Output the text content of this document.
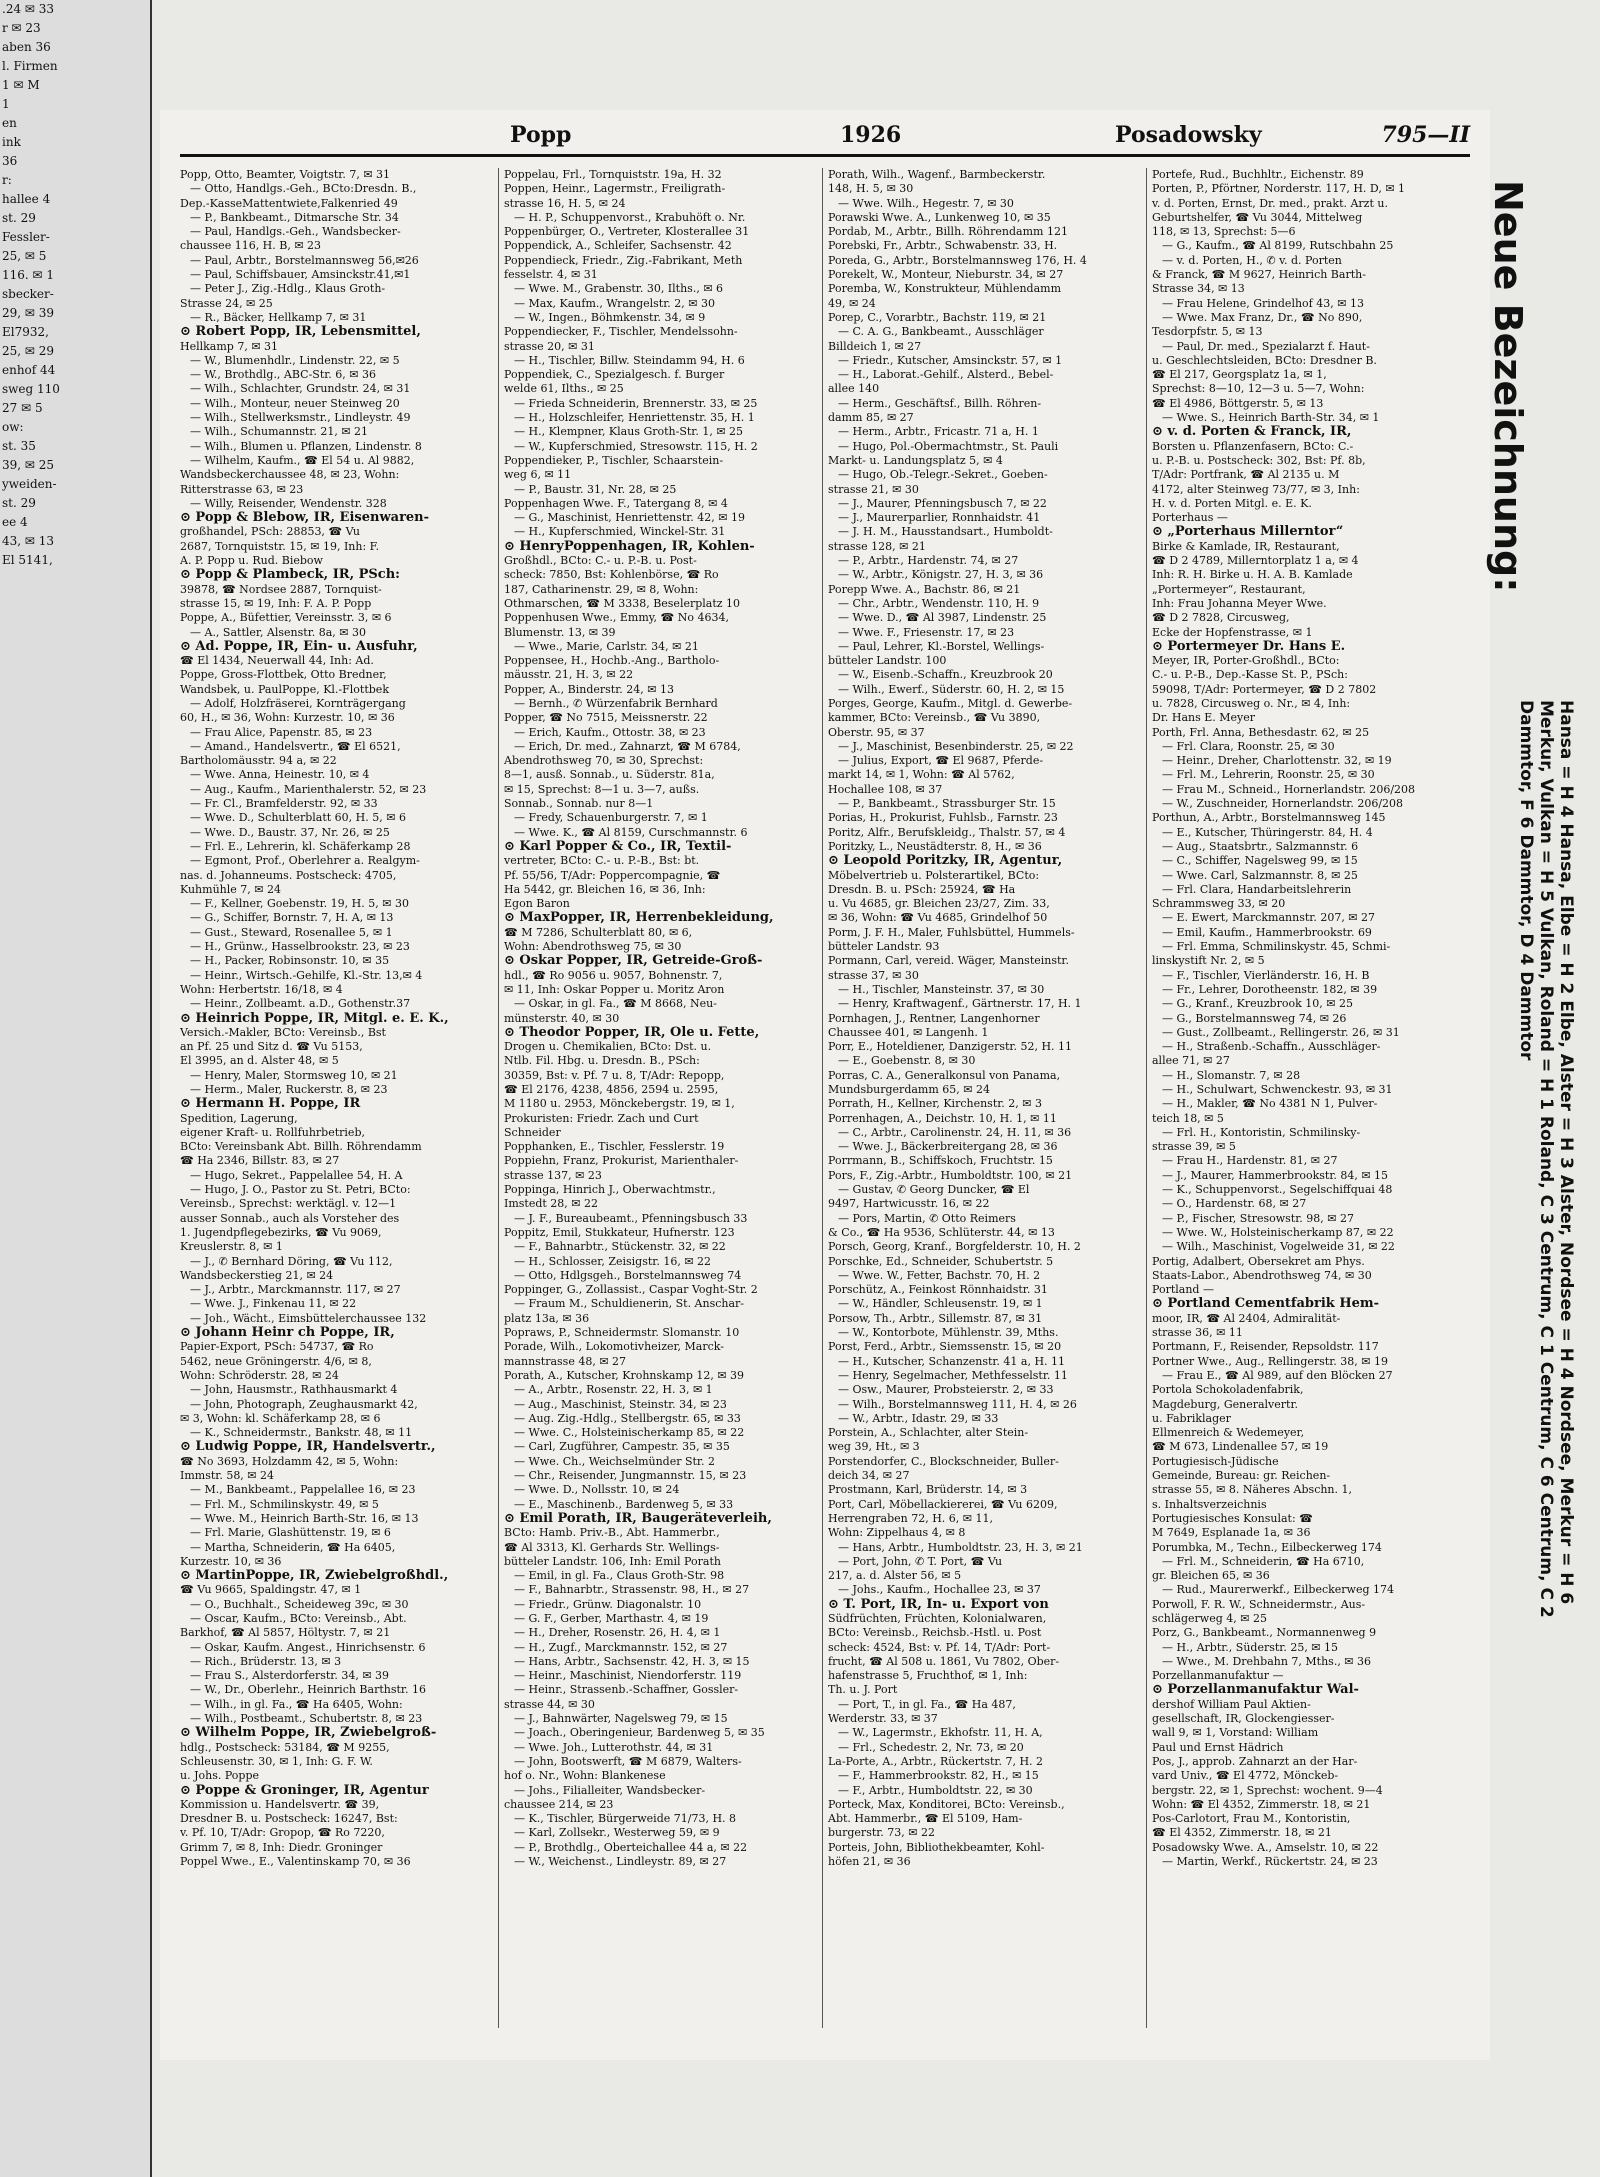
.24 ✉ 33
r ✉ 23
aben 36
l. Firmen
1 ✉ M
1
en
ink
36
r:
hallee 4
st. 29
Fessler-
25, ✉ 5
116. ✉ 1
sbecker-
29, ✉ 39
El7932,
25, ✉ 29
enhof 44
sweg 110
27 ✉ 5
ow:
st. 35
39, ✉ 25
yweiden-
st. 29
ee 4
43, ✉ 13
El 5141,
Popp	1926	Posadowsky	795—II

Popp, Otto, Beamter, Voigtstr. 7, ✉ 31

— Otto, Handlgs.-Geh., BCto:Dresdn. B.,

Dep.-KasseMattentwiete,Falkenried 49

— P., Bankbeamt., Ditmarsche Str. 34

— Paul, Handlgs.-Geh., Wandsbecker-

chaussee 116, H. B, ✉ 23

— Paul, Arbtr., Borstelmannsweg 56,✉26

— Paul, Schiffsbauer, Amsinckstr.41,✉1

— Peter J., Zig.-Hdlg., Klaus Groth-

Strasse 24, ✉ 25

— R., Bäcker, Hellkamp 7, ✉ 31

⊙ Robert Popp, IR, Lebensmittel,

Hellkamp 7, ✉ 31

— W., Blumenhdlr., Lindenstr. 22, ✉ 5

— W., Brothdlg., ABC-Str. 6, ✉ 36

— Wilh., Schlachter, Grundstr. 24, ✉ 31

— Wilh., Monteur, neuer Steinweg 20

— Wilh., Stellwerksmstr., Lindleystr. 49

— Wilh., Schumannstr. 21, ✉ 21

— Wilh., Blumen u. Pflanzen, Lindenstr. 8

— Wilhelm, Kaufm., ☎ El 54 u. Al 9882,

Wandsbeckerchaussee 48, ✉ 23, Wohn:

Ritterstrasse 63, ✉ 23

— Willy, Reisender, Wendenstr. 328

⊙ Popp & Blebow, IR, Eisenwaren-

großhandel, PSch: 28853, ☎ Vu

2687, Tornquiststr. 15, ✉ 19, Inh: F.

A. P. Popp u. Rud. Biebow

⊙ Popp & Plambeck, IR, PSch:

39878, ☎ Nordsee 2887, Tornquist-

strasse 15, ✉ 19, Inh: F. A. P. Popp

Poppe, A., Büfettier, Vereinsstr. 3, ✉ 6

— A., Sattler, Alsenstr. 8a, ✉ 30

⊙ Ad. Poppe, IR, Ein- u. Ausfuhr,

☎ El 1434, Neuerwall 44, Inh: Ad.

Poppe, Gross-Flottbek, Otto Bredner,

Wandsbek, u. PaulPoppe, Kl.-Flottbek

— Adolf, Holzfräserei, Kornträgergang

60, H., ✉ 36, Wohn: Kurzestr. 10, ✉ 36

— Frau Alice, Papenstr. 85, ✉ 23

— Amand., Handelsvertr., ☎ El 6521,

Bartholomäusstr. 94 a, ✉ 22

— Wwe. Anna, Heinestr. 10, ✉ 4

— Aug., Kaufm., Marienthalerstr. 52, ✉ 23

— Fr. Cl., Bramfelderstr. 92, ✉ 33

— Wwe. D., Schulterblatt 60, H. 5, ✉ 6

— Wwe. D., Baustr. 37, Nr. 26, ✉ 25

— Frl. E., Lehrerin, kl. Schäferkamp 28

— Egmont, Prof., Oberlehrer a. Realgym-

nas. d. Johanneums. Postscheck: 4705,

Kuhmühle 7, ✉ 24

— F., Kellner, Goebenstr. 19, H. 5, ✉ 30

— G., Schiffer, Bornstr. 7, H. A, ✉ 13

— Gust., Steward, Rosenallee 5, ✉ 1

— H., Grünw., Hasselbrookstr. 23, ✉ 23

— H., Packer, Robinsonstr. 10, ✉ 35

— Heinr., Wirtsch.-Gehilfe, Kl.-Str. 13,✉ 4

Wohn: Herbertstr. 16/18, ✉ 4

— Heinr., Zollbeamt. a.D., Gothenstr.37

⊙ Heinrich Poppe, IR, Mitgl. e. E. K.,

Versich.-Makler, BCto: Vereinsb., Bst

an Pf. 25 und Sitz d. ☎ Vu 5153,

El 3995, an d. Alster 48, ✉ 5

— Henry, Maler, Stormsweg 10, ✉ 21

— Herm., Maler, Ruckerstr. 8, ✉ 23

⊙ Hermann H. Poppe, IR

Spedition, Lagerung,

eigener Kraft- u. Rollfuhrbetrieb,

BCto: Vereinsbank Abt. Billh. Röhrendamm

☎ Ha 2346, Billstr. 83, ✉ 27

— Hugo, Sekret., Pappelallee 54, H. A

— Hugo, J. O., Pastor zu St. Petri, BCto:

Vereinsb., Sprechst: werktägl. v. 12—1

ausser Sonnab., auch als Vorsteher des

1. Jugendpflegebezirks, ☎ Vu 9069,

Kreuslerstr. 8, ✉ 1

— J., ✆ Bernhard Döring, ☎ Vu 112,

Wandsbeckerstieg 21, ✉ 24

— J., Arbtr., Marckmannstr. 117, ✉ 27

— Wwe. J., Finkenau 11, ✉ 22

— Joh., Wächt., Eimsbüttelerchaussee 132

⊙ Johann Heinr ch Poppe, IR,

Papier-Export, PSch: 54737, ☎ Ro

5462, neue Gröningerstr. 4/6, ✉ 8,

Wohn: Schröderstr. 28, ✉ 24

— John, Hausmstr., Rathhausmarkt 4

— John, Photograph, Zeughausmarkt 42,

✉ 3, Wohn: kl. Schäferkamp 28, ✉ 6

— K., Schneidermstr., Bankstr. 48, ✉ 11

⊙ Ludwig Poppe, IR, Handelsvertr.,

☎ No 3693, Holzdamm 42, ✉ 5, Wohn:

Immstr. 58, ✉ 24

— M., Bankbeamt., Pappelallee 16, ✉ 23

— Frl. M., Schmilinskystr. 49, ✉ 5

— Wwe. M., Heinrich Barth-Str. 16, ✉ 13

— Frl. Marie, Glashüttenstr. 19, ✉ 6

— Martha, Schneiderin, ☎ Ha 6405,

Kurzestr. 10, ✉ 36

⊙ MartinPoppe, IR, Zwiebelgroßhdl.,

☎ Vu 9665, Spaldingstr. 47, ✉ 1

— O., Buchhalt., Scheideweg 39c, ✉ 30

— Oscar, Kaufm., BCto: Vereinsb., Abt.

Barkhof, ☎ Al 5857, Höltystr. 7, ✉ 21

— Oskar, Kaufm. Angest., Hinrichsenstr. 6

— Rich., Brüderstr. 13, ✉ 3

— Frau S., Alsterdorferstr. 34, ✉ 39

— W., Dr., Oberlehr., Heinrich Barthstr. 16

— Wilh., in gl. Fa., ☎ Ha 6405, Wohn:

— Wilh., Postbeamt., Schubertstr. 8, ✉ 23

⊙ Wilhelm Poppe, IR, Zwiebelgroß-

hdlg., Postscheck: 53184, ☎ M 9255,

Schleusenstr. 30, ✉ 1, Inh: G. F. W.

u. Johs. Poppe

⊙ Poppe & Groninger, IR, Agentur

Kommission u. Handelsvertr. ☎ 39,

Dresdner B. u. Postscheck: 16247, Bst:

v. Pf. 10, T/Adr: Gropop, ☎ Ro 7220,

Grimm 7, ✉ 8, Inh: Diedr. Groninger

Poppel Wwe., E., Valentinskamp 70, ✉ 36

Poppelau, Frl., Tornquiststr. 19a, H. 32

Poppen, Heinr., Lagermstr., Freiligrath-

strasse 16, H. 5, ✉ 24

— H. P., Schuppenvorst., Krabuhöft o. Nr.

Poppenbürger, O., Vertreter, Klosterallee 31

Poppendick, A., Schleifer, Sachsenstr. 42

Poppendieck, Friedr., Zig.-Fabrikant, Meth

fesselstr. 4, ✉ 31

— Wwe. M., Grabenstr. 30, Ilths., ✉ 6

— Max, Kaufm., Wrangelstr. 2, ✉ 30

— W., Ingen., Böhmkenstr. 34, ✉ 9

Poppendiecker, F., Tischler, Mendelssohn-

strasse 20, ✉ 31

— H., Tischler, Billw. Steindamm 94, H. 6

Poppendiek, C., Spezialgesch. f. Burger

welde 61, Ilths., ✉ 25

— Frieda Schneiderin, Brennerstr. 33, ✉ 25

— H., Holzschleifer, Henriettenstr. 35, H. 1

— H., Klempner, Klaus Groth-Str. 1, ✉ 25

— W., Kupferschmied, Stresowstr. 115, H. 2

Poppendieker, P., Tischler, Schaarstein-

weg 6, ✉ 11

— P., Baustr. 31, Nr. 28, ✉ 25

Poppenhagen Wwe. F., Tatergang 8, ✉ 4

— G., Maschinist, Henriettenstr. 42, ✉ 19

— H., Kupferschmied, Winckel-Str. 31

⊙ HenryPoppenhagen, IR, Kohlen-

Großhdl., BCto: C.- u. P.-B. u. Post-

scheck: 7850, Bst: Kohlenbörse, ☎ Ro

187, Catharinenstr. 29, ✉ 8, Wohn:

Othmarschen, ☎ M 3338, Beselerplatz 10

Poppenhusen Wwe., Emmy, ☎ No 4634,

Blumenstr. 13, ✉ 39

— Wwe., Marie, Carlstr. 34, ✉ 21

Poppensee, H., Hochb.-Ang., Bartholo-

mäusstr. 21, H. 3, ✉ 22

Popper, A., Binderstr. 24, ✉ 13

— Bernh., ✆ Würzenfabrik Bernhard

Popper, ☎ No 7515, Meissnerstr. 22

— Erich, Kaufm., Ottostr. 38, ✉ 23

— Erich, Dr. med., Zahnarzt, ☎ M 6784,

Abendrothsweg 70, ✉ 30, Sprechst:

8—1, ausß. Sonnab., u. Süderstr. 81a,

✉ 15, Sprechst: 8—1 u. 3—7, außs.

Sonnab., Sonnab. nur 8—1

— Fredy, Schauenburgerstr. 7, ✉ 1

— Wwe. K., ☎ Al 8159, Curschmannstr. 6

⊙ Karl Popper & Co., IR, Textil-

vertreter, BCto: C.- u. P.-B., Bst: bt.

Pf. 55/56, T/Adr: Poppercompagnie, ☎

Ha 5442, gr. Bleichen 16, ✉ 36, Inh:

Egon Baron

⊙ MaxPopper, IR, Herrenbekleidung,

☎ M 7286, Schulterblatt 80, ✉ 6,

Wohn: Abendrothsweg 75, ✉ 30

⊙ Oskar Popper, IR, Getreide-Groß-

hdl., ☎ Ro 9056 u. 9057, Bohnenstr. 7,

✉ 11, Inh: Oskar Popper u. Moritz Aron

— Oskar, in gl. Fa., ☎ M 8668, Neu-

münsterstr. 40, ✉ 30

⊙ Theodor Popper, IR, Öle u. Fette,

Drogen u. Chemikalien, BCto: Dst. u.

Ntlb. Fil. Hbg. u. Dresdn. B., PSch:

30359, Bst: v. Pf. 7 u. 8, T/Adr: Repopp,

☎ El 2176, 4238, 4856, 2594 u. 2595,

M 1180 u. 2953, Mönckebergstr. 19, ✉ 1,

Prokuristen: Friedr. Zach und Curt

Schneider

Popphanken, E., Tischler, Fesslerstr. 19

Poppiehn, Franz, Prokurist, Marienthaler-

strasse 137, ✉ 23

Poppinga, Hinrich J., Oberwachtmstr.,

Imstedt 28, ✉ 22

— J. F., Bureaubeamt., Pfenningsbusch 33

Poppitz, Emil, Stukkateur, Hufnerstr. 123

— F., Bahnarbtr., Stückenstr. 32, ✉ 22

— H., Schlosser, Zeisigstr. 16, ✉ 22

— Otto, Hdlgsgeh., Borstelmannsweg 74

Poppinger, G., Zollassist., Caspar Voght-Str. 2

— Fraum M., Schuldienerin, St. Anschar-

platz 13a, ✉ 36

Popraws, P., Schneidermstr. Slomanstr. 10

Porade, Wilh., Lokomotivheizer, Marck-

mannstrasse 48, ✉ 27

Porath, A., Kutscher, Krohnskamp 12, ✉ 39

— A., Arbtr., Rosenstr. 22, H. 3, ✉ 1

— Aug., Maschinist, Steinstr. 34, ✉ 23

— Aug. Zig.-Hdlg., Stellbergstr. 65, ✉ 33

— Wwe. C., Holsteinischerkamp 85, ✉ 22

— Carl, Zugführer, Campestr. 35, ✉ 35

— Wwe. Ch., Weichselmünder Str. 2

— Chr., Reisender, Jungmannstr. 15, ✉ 23

— Wwe. D., Nollsstr. 10, ✉ 24

— E., Maschinenb., Bardenweg 5, ✉ 33

⊙ Emil Porath, IR, Baugeräteverleih,

BCto: Hamb. Priv.-B., Abt. Hammerbr.,

☎ Al 3313, Kl. Gerhards Str. Wellings-

bütteler Landstr. 106, Inh: Emil Porath

— Emil, in gl. Fa., Claus Groth-Str. 98

— F., Bahnarbtr., Strassenstr. 98, H., ✉ 27

— Friedr., Grünw. Diagonalstr. 10

— G. F., Gerber, Marthastr. 4, ✉ 19

— H., Dreher, Rosenstr. 26, H. 4, ✉ 1

— H., Zugf., Marckmannstr. 152, ✉ 27

— Hans, Arbtr., Sachsenstr. 42, H. 3, ✉ 15

— Heinr., Maschinist, Niendorferstr. 119

— Heinr., Strassenb.-Schaffner, Gossler-

strasse 44, ✉ 30

— J., Bahnwärter, Nagelsweg 79, ✉ 15

— Joach., Oberingenieur, Bardenweg 5, ✉ 35

— Wwe. Joh., Lutterothstr. 44, ✉ 31

— John, Bootswerft, ☎ M 6879, Walters-

hof o. Nr., Wohn: Blankenese

— Johs., Filialleiter, Wandsbecker-

chaussee 214, ✉ 23

— K., Tischler, Bürgerweide 71/73, H. 8

— Karl, Zollsekr., Westerweg 59, ✉ 9

— P., Brothdlg., Oberteichallee 44 a, ✉ 22

— W., Weichenst., Lindleystr. 89, ✉ 27

Porath, Wilh., Wagenf., Barmbeckerstr.

148, H. 5, ✉ 30

— Wwe. Wilh., Hegestr. 7, ✉ 30

Porawski Wwe. A., Lunkenweg 10, ✉ 35

Pordab, M., Arbtr., Billh. Röhrendamm 121

Porebski, Fr., Arbtr., Schwabenstr. 33, H.

Poreda, G., Arbtr., Borstelmannsweg 176, H. 4

Porekelt, W., Monteur, Nieburstr. 34, ✉ 27

Poremba, W., Konstrukteur, Mühlendamm

49, ✉ 24

Porep, C., Vorarbtr., Bachstr. 119, ✉ 21

— C. A. G., Bankbeamt., Ausschläger

Billdeich 1, ✉ 27

— Friedr., Kutscher, Amsinckstr. 57, ✉ 1

— H., Laborat.-Gehilf., Alsterd., Bebel-

allee 140

— Herm., Geschäftsf., Billh. Röhren-

damm 85, ✉ 27

— Herm., Arbtr., Fricastr. 71 a, H. 1

— Hugo, Pol.-Obermachtmstr., St. Pauli

Markt- u. Landungsplatz 5, ✉ 4

— Hugo, Ob.-Telegr.-Sekret., Goeben-

strasse 21, ✉ 30

— J., Maurer, Pfenningsbusch 7, ✉ 22

— J., Maurerparlier, Ronnhaidstr. 41

— J. H. M., Hausstandsart., Humboldt-

strasse 128, ✉ 21

— P., Arbtr., Hardenstr. 74, ✉ 27

— W., Arbtr., Königstr. 27, H. 3, ✉ 36

Porepp Wwe. A., Bachstr. 86, ✉ 21

— Chr., Arbtr., Wendenstr. 110, H. 9

— Wwe. D., ☎ Al 3987, Lindenstr. 25

— Wwe. F., Friesenstr. 17, ✉ 23

— Paul, Lehrer, Kl.-Borstel, Wellings-

bütteler Landstr. 100

— W., Eisenb.-Schaffn., Kreuzbrook 20

— Wilh., Ewerf., Süderstr. 60, H. 2, ✉ 15

Porges, George, Kaufm., Mitgl. d. Gewerbe-

kammer, BCto: Vereinsb., ☎ Vu 3890,

Oberstr. 95, ✉ 37

— J., Maschinist, Besenbinderstr. 25, ✉ 22

— Julius, Export, ☎ El 9687, Pferde-

markt 14, ✉ 1, Wohn: ☎ Al 5762,

Hochallee 108, ✉ 37

— P., Bankbeamt., Strassburger Str. 15

Porias, H., Prokurist, Fuhlsb., Farnstr. 23

Poritz, Alfr., Berufskleidg., Thalstr. 57, ✉ 4

Poritzky, L., Neustädterstr. 8, H., ✉ 36

⊙ Leopold Poritzky, IR, Agentur,

Möbelvertrieb u. Polsterartikel, BCto:

Dresdn. B. u. PSch: 25924, ☎ Ha

u. Vu 4685, gr. Bleichen 23/27, Zim. 33,

✉ 36, Wohn: ☎ Vu 4685, Grindelhof 50

Porm, J. F. H., Maler, Fuhlsbüttel, Hummels-

bütteler Landstr. 93

Pormann, Carl, vereid. Wäger, Mansteinstr.

strasse 37, ✉ 30

— H., Tischler, Mansteinstr. 37, ✉ 30

— Henry, Kraftwagenf., Gärtnerstr. 17, H. 1

Pornhagen, J., Rentner, Langenhorner

Chaussee 401, ✉ Langenh. 1

Porr, E., Hoteldiener, Danzigerstr. 52, H. 11

— E., Goebenstr. 8, ✉ 30

Porras, C. A., Generalkonsul von Panama,

Mundsburgerdamm 65, ✉ 24

Porrath, H., Kellner, Kirchenstr. 2, ✉ 3

Porrenhagen, A., Deichstr. 10, H. 1, ✉ 11

— C., Arbtr., Carolinenstr. 24, H. 11, ✉ 36

— Wwe. J., Bäckerbreitergang 28, ✉ 36

Porrmann, B., Schiffskoch, Fruchtstr. 15

Pors, F., Zig.-Arbtr., Humboldtstr. 100, ✉ 21

— Gustav, ✆ Georg Duncker, ☎ El

9497, Hartwicusstr. 16, ✉ 22

— Pors, Martin, ✆ Otto Reimers

& Co., ☎ Ha 9536, Schlüterstr. 44, ✉ 13

Porsch, Georg, Kranf., Borgfelderstr. 10, H. 2

Porschke, Ed., Schneider, Schubertstr. 5

— Wwe. W., Fetter, Bachstr. 70, H. 2

Porschütz, A., Feinkost Rönnhaidstr. 31

— W., Händler, Schleusenstr. 19, ✉ 1

Porsow, Th., Arbtr., Sillemstr. 87, ✉ 31

— W., Kontorbote, Mühlenstr. 39, Mths.

Porst, Ferd., Arbtr., Siemssenstr. 15, ✉ 20

— H., Kutscher, Schanzenstr. 41 a, H. 11

— Henry, Segelmacher, Methfesselstr. 11

— Osw., Maurer, Probsteierstr. 2, ✉ 33

— Wilh., Borstelmannsweg 111, H. 4, ✉ 26

— W., Arbtr., Idastr. 29, ✉ 33

Porstein, A., Schlachter, alter Stein-

weg 39, Ht., ✉ 3

Porstendorfer, C., Blockschneider, Buller-

deich 34, ✉ 27

Prostmann, Karl, Brüderstr. 14, ✉ 3

Port, Carl, Möbellackiererei, ☎ Vu 6209,

Herrengraben 72, H. 6, ✉ 11,

Wohn: Zippelhaus 4, ✉ 8

— Hans, Arbtr., Humboldtstr. 23, H. 3, ✉ 21

— Port, John, ✆ T. Port, ☎ Vu

217, a. d. Alster 56, ✉ 5

— Johs., Kaufm., Hochallee 23, ✉ 37

⊙ T. Port, IR, In- u. Export von

Südfrüchten, Früchten, Kolonialwaren,

BCto: Vereinsb., Reichsb.-Hstl. u. Post

scheck: 4524, Bst: v. Pf. 14, T/Adr: Port-

frucht, ☎ Al 508 u. 1861, Vu 7802, Ober-

hafenstrasse 5, Fruchthof, ✉ 1, Inh:

Th. u. J. Port

— Port, T., in gl. Fa., ☎ Ha 487,

Werderstr. 33, ✉ 37

— W., Lagermstr., Ekhofstr. 11, H. A,

— Frl., Schedestr. 2, Nr. 73, ✉ 20

La-Porte, A., Arbtr., Rückertstr. 7, H. 2

— F., Hammerbrookstr. 82, H., ✉ 15

— F., Arbtr., Humboldtstr. 22, ✉ 30

Porteck, Max, Konditorei, BCto: Vereinsb.,

Abt. Hammerbr., ☎ El 5109, Ham-

burgerstr. 73, ✉ 22

Porteis, John, Bibliothekbeamter, Kohl-

höfen 21, ✉ 36

Portefe, Rud., Buchhltr., Eichenstr. 89

Porten, P., Pförtner, Norderstr. 117, H. D, ✉ 1

v. d. Porten, Ernst, Dr. med., prakt. Arzt u.

Geburtshelfer, ☎ Vu 3044, Mittelweg

118, ✉ 13, Sprechst: 5—6

— G., Kaufm., ☎ Al 8199, Rutschbahn 25

— v. d. Porten, H., ✆ v. d. Porten

& Franck, ☎ M 9627, Heinrich Barth-

Strasse 34, ✉ 13

— Frau Helene, Grindelhof 43, ✉ 13

— Wwe. Max Franz, Dr., ☎ No 890,

Tesdorpfstr. 5, ✉ 13

— Paul, Dr. med., Spezialarzt f. Haut-

u. Geschlechtsleiden, BCto: Dresdner B.

☎ El 217, Georgsplatz 1a, ✉ 1,

Sprechst: 8—10, 12—3 u. 5—7, Wohn:

☎ El 4986, Böttgerstr. 5, ✉ 13

— Wwe. S., Heinrich Barth-Str. 34, ✉ 1

⊙ v. d. Porten & Franck, IR,

Borsten u. Pflanzenfasern, BCto: C.-

u. P.-B. u. Postscheck: 302, Bst: Pf. 8b,

T/Adr: Portfrank, ☎ Al 2135 u. M

4172, alter Steinweg 73/77, ✉ 3, Inh:

H. v. d. Porten Mitgl. e. E. K.

Porterhaus —

⊙ „Porterhaus Millerntor“

Birke & Kamlade, IR, Restaurant,

☎ D 2 4789, Millerntorplatz 1 a, ✉ 4

Inh: R. H. Birke u. H. A. B. Kamlade

„Portermeyer“, Restaurant,

Inh: Frau Johanna Meyer Wwe.

☎ D 2 7828, Circusweg,

Ecke der Hopfenstrasse, ✉ 1

⊙ Portermeyer Dr. Hans E.

Meyer, IR, Porter-Großhdl., BCto:

C.- u. P.-B., Dep.-Kasse St. P., PSch:

59098, T/Adr: Portermeyer, ☎ D 2 7802

u. 7828, Circusweg o. Nr., ✉ 4, Inh:

Dr. Hans E. Meyer

Porth, Frl. Anna, Bethesdastr. 62, ✉ 25

— Frl. Clara, Roonstr. 25, ✉ 30

— Heinr., Dreher, Charlottenstr. 32, ✉ 19

— Frl. M., Lehrerin, Roonstr. 25, ✉ 30

— Frau M., Schneid., Hornerlandstr. 206/208

— W., Zuschneider, Hornerlandstr. 206/208

Porthun, A., Arbtr., Borstelmannsweg 145

— E., Kutscher, Thüringerstr. 84, H. 4

— Aug., Staatsbrtr., Salzmannstr. 6

— C., Schiffer, Nagelsweg 99, ✉ 15

— Wwe. Carl, Salzmannstr. 8, ✉ 25

— Frl. Clara, Handarbeitslehrerin

Schrammsweg 33, ✉ 20

— E. Ewert, Marckmannstr. 207, ✉ 27

— Emil, Kaufm., Hammerbrookstr. 69

— Frl. Emma, Schmilinskystr. 45, Schmi-

linskystift Nr. 2, ✉ 5

— F., Tischler, Vierländerstr. 16, H. B

— Fr., Lehrer, Dorotheenstr. 182, ✉ 39

— G., Kranf., Kreuzbrook 10, ✉ 25

— G., Borstelmannsweg 74, ✉ 26

— Gust., Zollbeamt., Rellingerstr. 26, ✉ 31

— H., Straßenb.-Schaffn., Ausschläger-

allee 71, ✉ 27

— H., Slomanstr. 7, ✉ 28

— H., Schulwart, Schwenckestr. 93, ✉ 31

— H., Makler, ☎ No 4381 N 1, Pulver-

teich 18, ✉ 5

— Frl. H., Kontoristin, Schmilinsky-

strasse 39, ✉ 5

— Frau H., Hardenstr. 81, ✉ 27

— J., Maurer, Hammerbrookstr. 84, ✉ 15

— K., Schuppenvorst., Segelschiffquai 48

— O., Hardenstr. 68, ✉ 27

— P., Fischer, Stresowstr. 98, ✉ 27

— Wwe. W., Holsteinischerkamp 87, ✉ 22

— Wilh., Maschinist, Vogelweide 31, ✉ 22

Portig, Adalbert, Obersekret am Phys.

Staats-Labor., Abendrothsweg 74, ✉ 30

Portland —

⊙ Portland Cementfabrik Hem-

moor, IR, ☎ Al 2404, Admiralität-

strasse 36, ✉ 11

Portmann, F., Reisender, Repsoldstr. 117

Portner Wwe., Aug., Rellingerstr. 38, ✉ 19

— Frau E., ☎ Al 989, auf den Blöcken 27

Portola Schokoladenfabrik,

Magdeburg, Generalvertr.

u. Fabriklager

Ellmenreich & Wedemeyer,

☎ M 673, Lindenallee 57, ✉ 19

Portugiesisch-Jüdische

Gemeinde, Bureau: gr. Reichen-

strasse 55, ✉ 8. Näheres Abschn. 1,

s. Inhaltsverzeichnis

Portugiesisches Konsulat: ☎

M 7649, Esplanade 1a, ✉ 36

Porumbka, M., Techn., Eilbeckerweg 174

— Frl. M., Schneiderin, ☎ Ha 6710,

gr. Bleichen 65, ✉ 36

— Rud., Maurerwerkf., Eilbeckerweg 174

Porwoll, F. R. W., Schneidermstr., Aus-

schlägerweg 4, ✉ 25

Porz, G., Bankbeamt., Normannenweg 9

— H., Arbtr., Süderstr. 25, ✉ 15

— Wwe., M. Drehbahn 7, Mths., ✉ 36

Porzellanmanufaktur —

⊙ Porzellanmanufaktur Wal-

dershof William Paul Aktien-

gesellschaft, IR, Glockengiesser-

wall 9, ✉ 1, Vorstand: William

Paul und Ernst Hädrich

Pos, J., approb. Zahnarzt an der Har-

vard Univ., ☎ El 4772, Mönckeb-

bergstr. 22, ✉ 1, Sprechst: wochent. 9—4

Wohn: ☎ El 4352, Zimmerstr. 18, ✉ 21

Pos-Carlotort, Frau M., Kontoristin,

☎ El 4352, Zimmerstr. 18, ✉ 21

Posadowsky Wwe. A., Amselstr. 10, ✉ 22

— Martin, Werkf., Rückertstr. 24, ✉ 23

Neue Bezeichnung:
Hansa = H 4 Hansa, Elbe = H 2 Elbe, Alster = H 3 Alster, Nordsee = H 4 Nordsee, Merkur = H 6 Merkur, Vulkan = H 5 Vulkan, Roland = H 1 Roland, C 3 Centrum, C 1 Centrum, C 6 Centrum, C 2 Dammtor, F 6 Dammtor, D 4 Dammtor
